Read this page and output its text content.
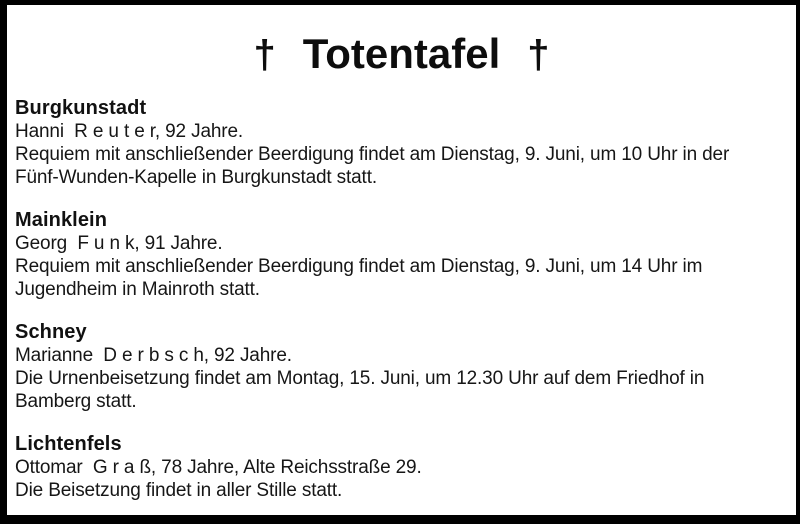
† Totentafel †
Burgkunstadt
Hanni  R e u t e r, 92 Jahre.
Requiem mit anschließender Beerdigung findet am Dienstag, 9. Juni, um 10 Uhr in der
Fünf-Wunden-Kapelle in Burgkunstadt statt.
Mainklein
Georg  F u n k, 91 Jahre.
Requiem mit anschließender Beerdigung findet am Dienstag, 9. Juni, um 14 Uhr im
Jugendheim in Mainroth statt.
Schney
Marianne  D e r b s c h, 92 Jahre.
Die Urnenbeisetzung findet am Montag, 15. Juni, um 12.30 Uhr auf dem Friedhof in
Bamberg statt.
Lichtenfels
Ottomar  G r a ß, 78 Jahre, Alte Reichsstraße 29.
Die Beisetzung findet in aller Stille statt.
